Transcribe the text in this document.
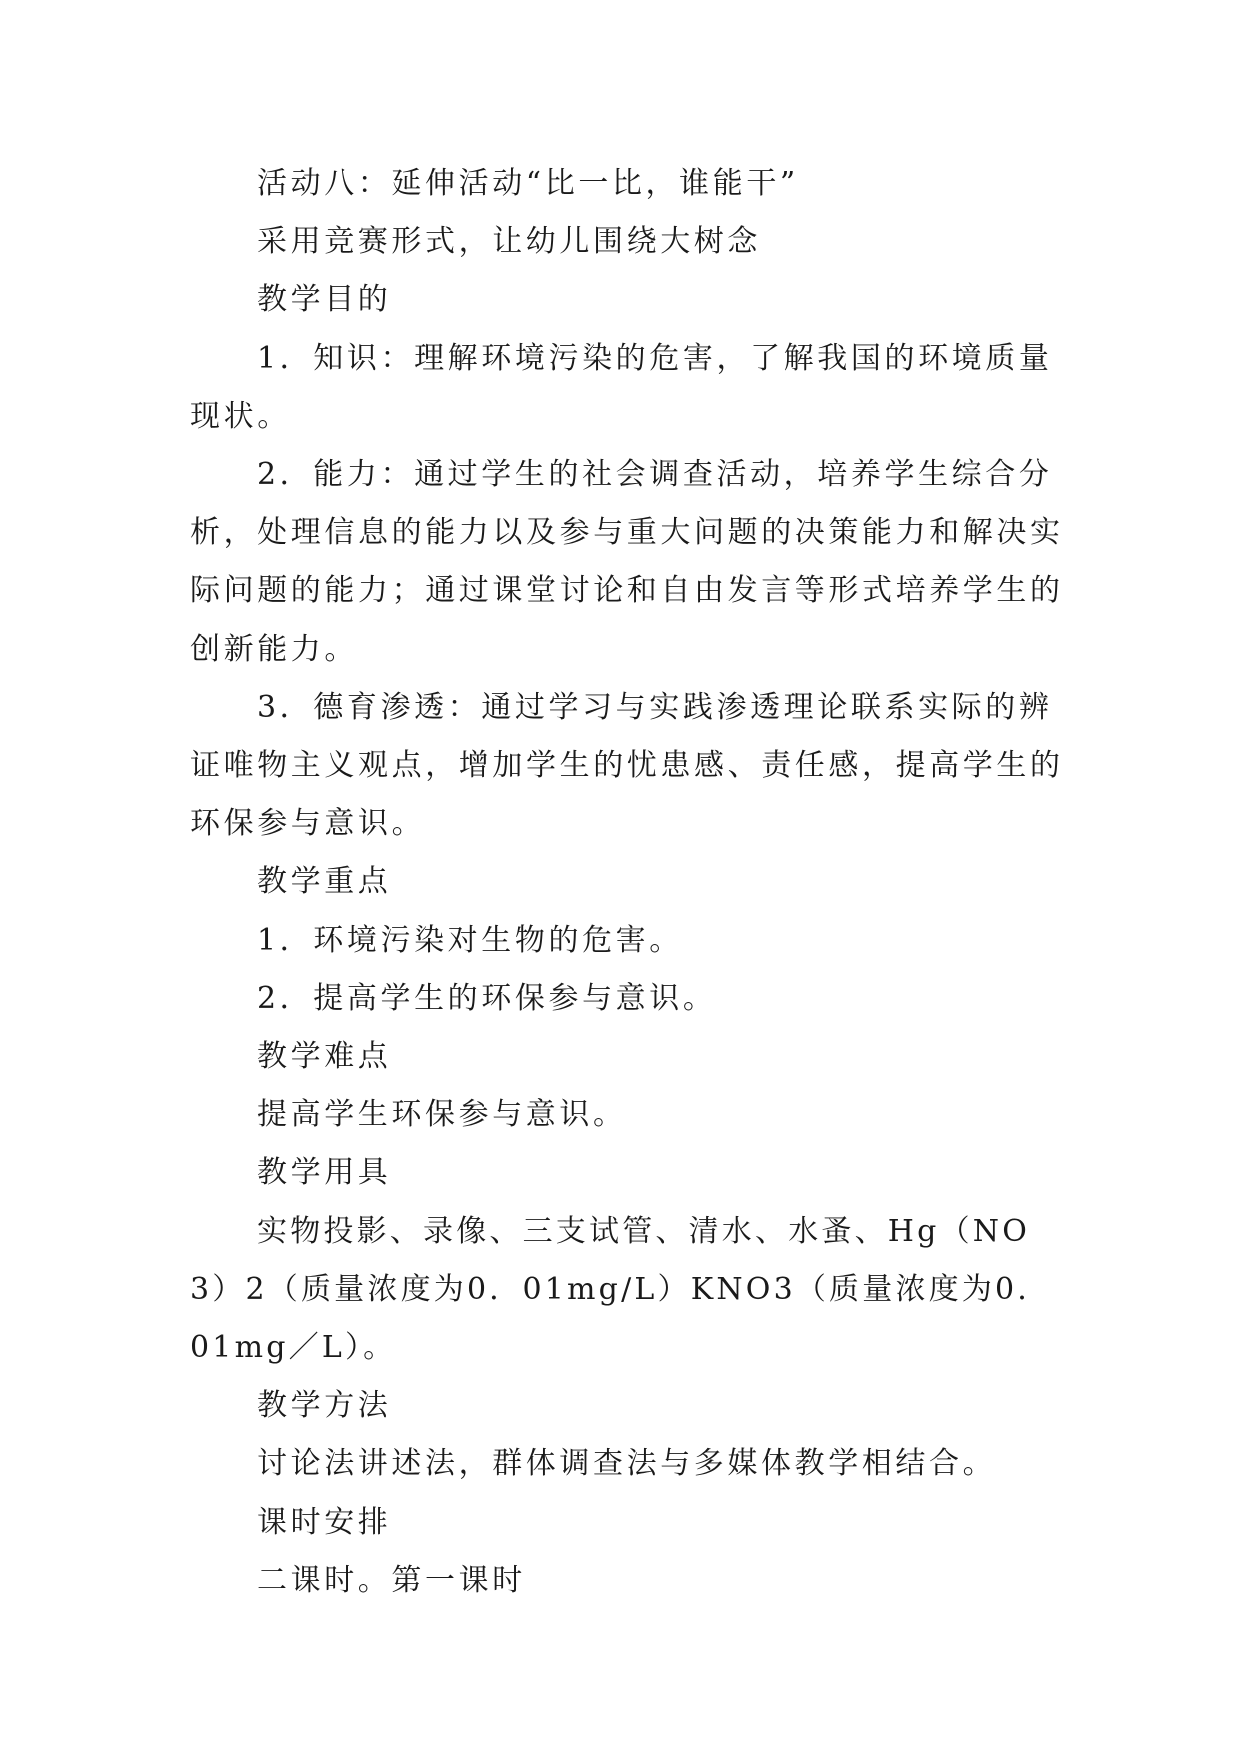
活动八：延伸活动“比一比，谁能干”

采用竞赛形式，让幼儿围绕大树念

教学目的

1．知识：理解环境污染的危害，了解我国的环境质量现状。

2．能力：通过学生的社会调查活动，培养学生综合分析，处理信息的能力以及参与重大问题的决策能力和解决实际问题的能力；通过课堂讨论和自由发言等形式培养学生的创新能力。

3．德育渗透：通过学习与实践渗透理论联系实际的辨证唯物主义观点，增加学生的忧患感、责任感，提高学生的环保参与意识。

教学重点

1．环境污染对生物的危害。

2．提高学生的环保参与意识。

教学难点

提高学生环保参与意识。

教学用具

实物投影、录像、三支试管、清水、水蚤、Hg（NO3）2（质量浓度为0．01mg/L）KNO3（质量浓度为0．01mg／L）。

教学方法

讨论法讲述法，群体调查法与多媒体教学相结合。

课时安排

二课时。第一课时
